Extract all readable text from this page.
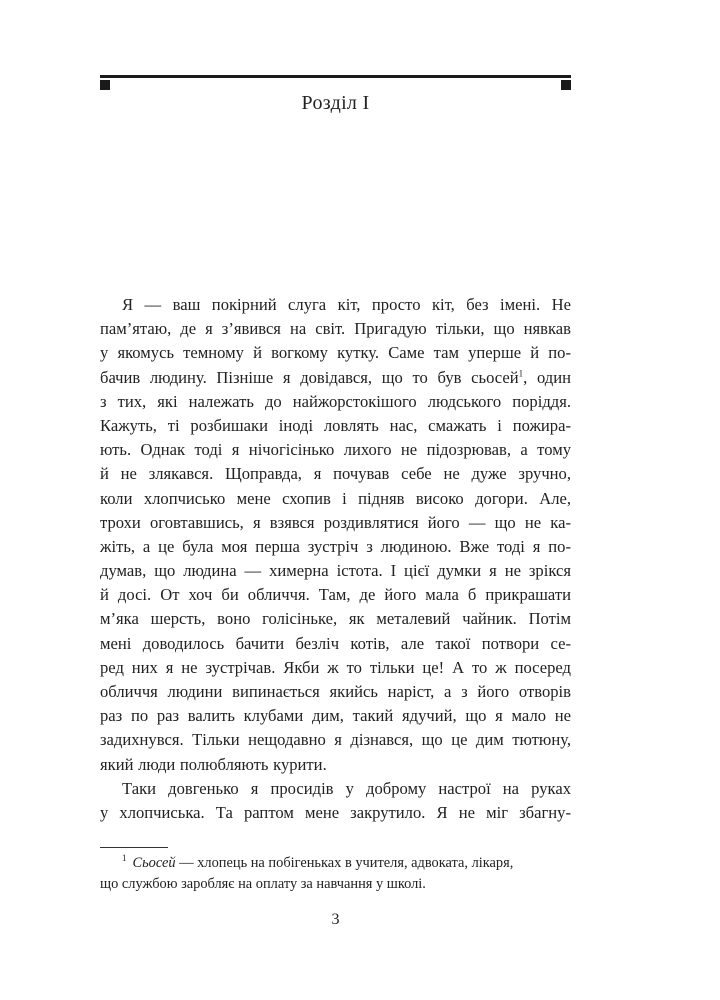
Розділ І
Я — ваш покірний слуга кіт, просто кіт, без імені. Не
пам’ятаю, де я з’явився на світ. Пригадую тільки, що нявкав
у якомусь темному й вогкому кутку. Саме там уперше й по-
бачив людину. Пізніше я довідався, що то був сьосей$^1$, один
з тих, які належать до найжорстокішого людського поріддя.
Кажуть, ті розбишаки іноді ловлять нас, смажать і пожира-
ють. Однак тоді я нічогісінько лихого не підозрював, а тому
й не злякався. Щоправда, я почував себе не дуже зручно,
коли хлопчисько мене схопив і підняв високо догори. Але,
трохи оговтавшись, я взявся роздивлятися його — що не ка-
жіть, а це була моя перша зустріч з людиною. Вже тоді я по-
думав, що людина — химерна істота. І цієї думки я не зрікся
й досі. От хоч би обличчя. Там, де його мала б прикрашати
м’яка шерсть, воно голісіньке, як металевий чайник. Потім
мені доводилось бачити безліч котів, але такої потвори се-
ред них я не зустрічав. Якби ж то тільки це! А то ж посеред
обличчя людини випинається якийсь наріст, а з його отворів
раз по раз валить клубами дим, такий ядучий, що я мало не
задихнувся. Тільки нещодавно я дізнався, що це дим тютюну,
який люди полюбляють курити.
Таки довгенько я просидів у доброму настрої на руках
у хлопчиська. Та раптом мене закрутило. Я не міг збагну-
$^1$ Сьосей — хлопець на побігеньках в учителя, адвоката, лікаря,
що службою заробляє на оплату за навчання у школі.
3
